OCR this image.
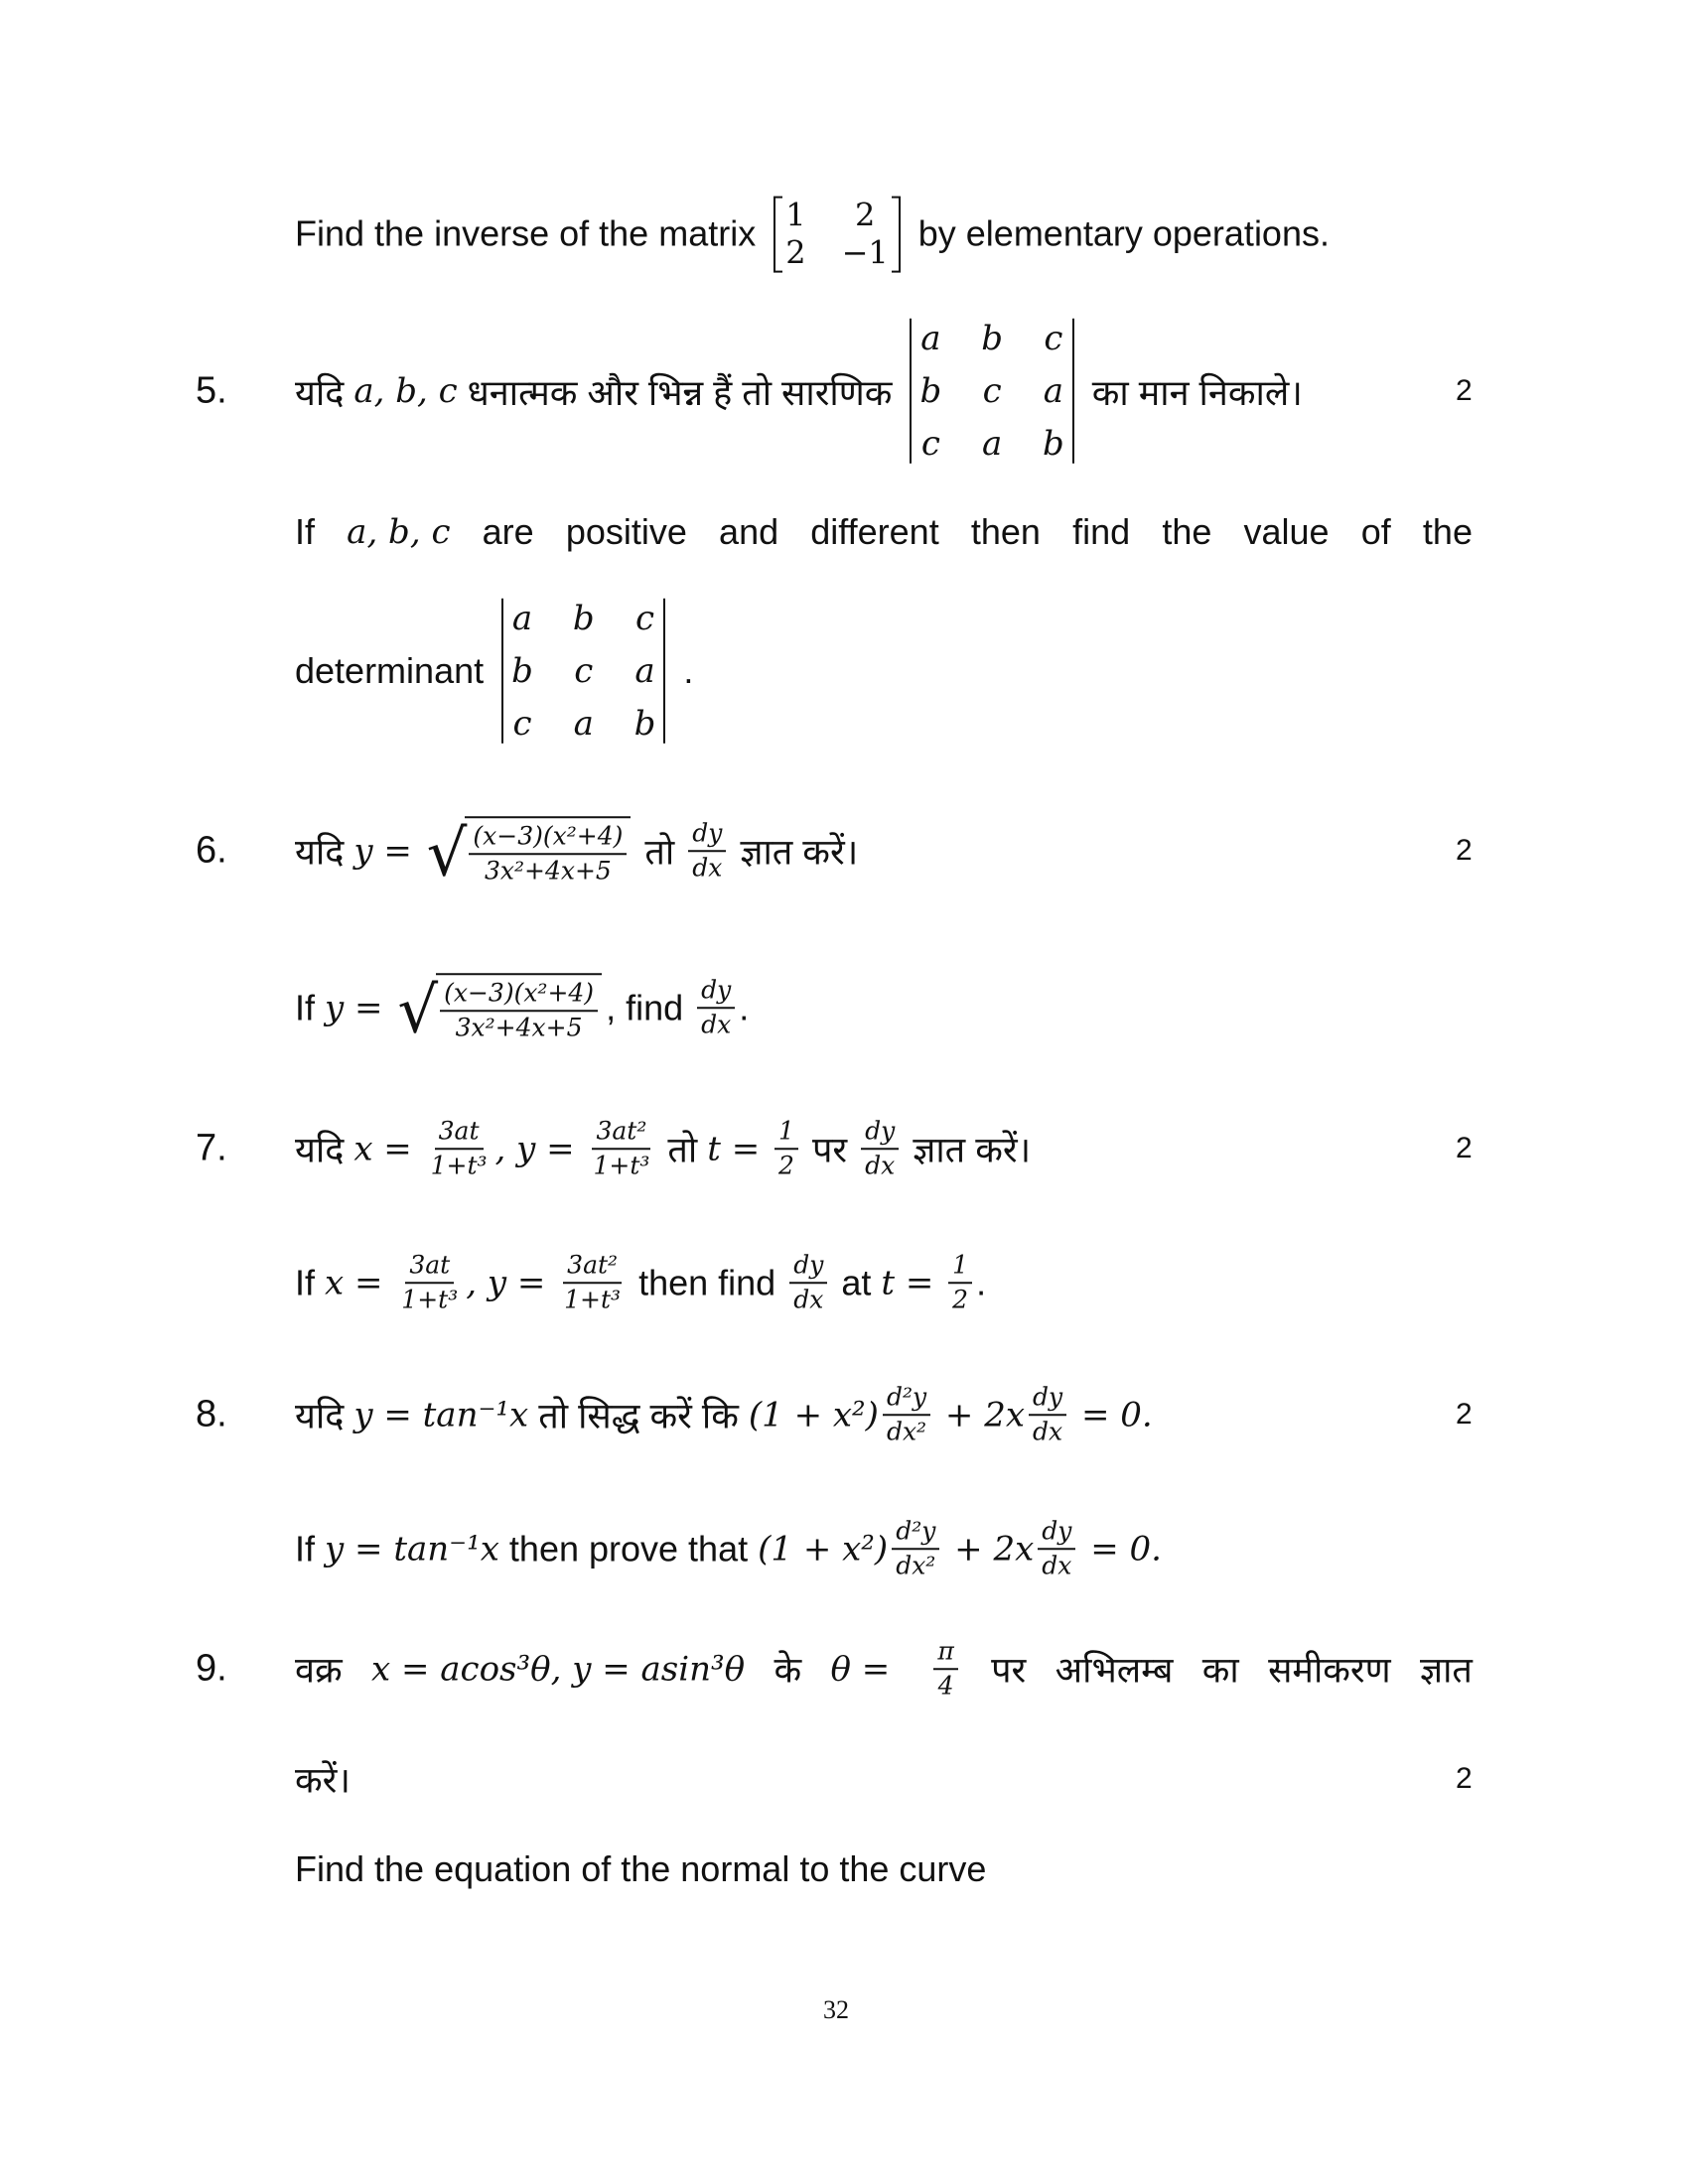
5.
6.
7.
8.
9.
2
2
2
2
2
Find the inverse of the matrix 1	2
2 −1 by elementary operations.
यदि a, b, c धनात्मक और भिन्न हैं तो सारणिक
a b c
b c a
c a b
का मान निकाले।
If a, b, c are positive and different then find the value of the
determinant
a b c
b c a
c a b
.
यदि y = √ $\frac{\text{(x−3)(x²+4)}}{\text{3x²+4x+5}}$ तो $\frac{dy}{dx}$ ज्ञात करें।
If y = √ $\frac{\text{(x−3)(x²+4)}}{\text{3x²+4x+5}}$ , find $\frac{dy}{dx}$ .
यदि $x = \frac{3at}{\text{1+t³}}$ , $y = \frac{\text{3at²}}{\text{1+t³}}$ तो $t = \frac{1}{2}$ पर $\frac{dy}{dx}$ ज्ञात करें।
If $x = \frac{3at}{\text{1+t³}}$ , $y = \frac{\text{3at²}}{\text{1+t³}}$ then find $\frac{dy}{dx}$ at $t = \frac{1}{2}$ .
यदि y = tan⁻¹x तो सिद्ध करें कि $(1 + x^2) \frac{\text{d²y}}{\text{dx²}} + 2x \frac{dy}{dx} = 0$.
If y = tan⁻¹x then prove that $(1 + x^2) \frac{\text{d²y}}{\text{dx²}} + 2x \frac{dy}{dx} = 0$.
वक्र x = acos³θ, y = asin³θ के $\theta = \frac{\pi}{4}$ पर अभिलम्ब का समीकरण ज्ञात
करें।
Find the equation of the normal to the curve
32
